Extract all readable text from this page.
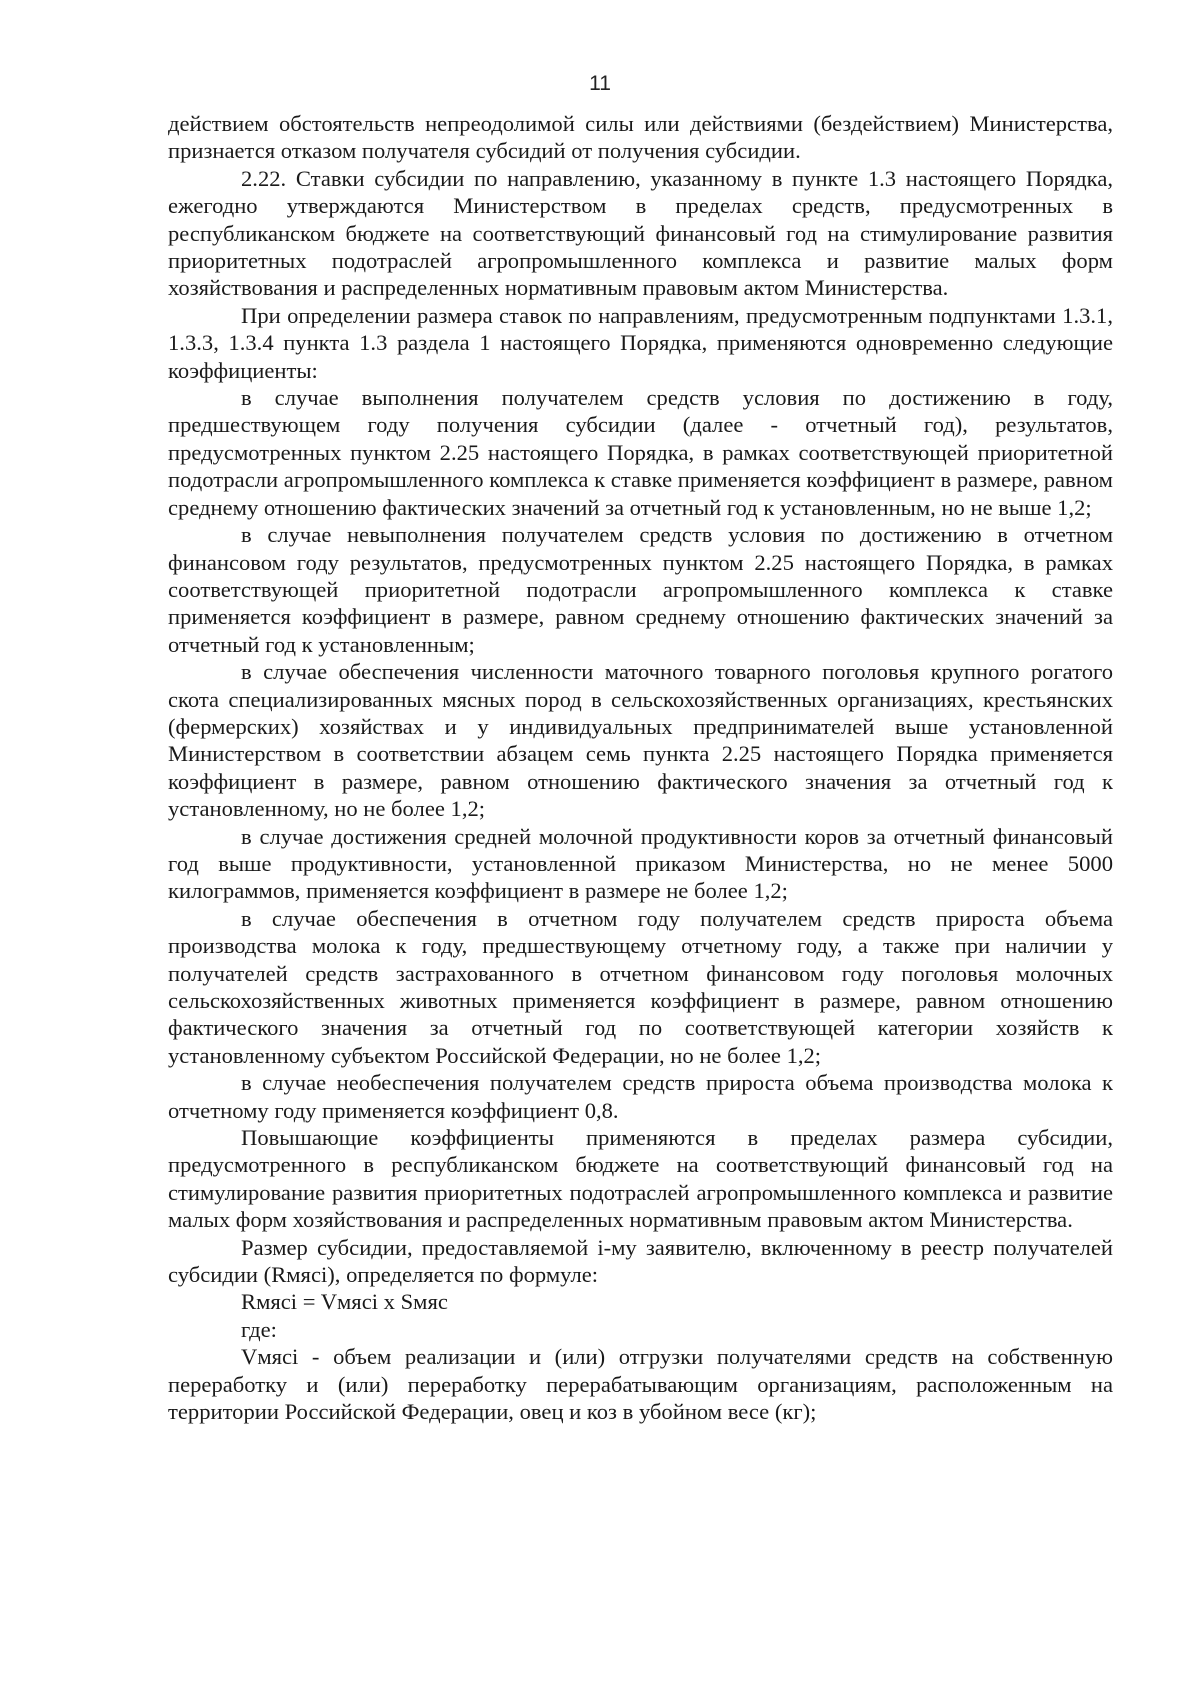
11

действием обстоятельств непреодолимой силы или действиями (бездействием) Министерства, признается отказом получателя субсидий от получения субсидии.

2.22. Ставки субсидии по направлению, указанному в пункте 1.3 настоящего Порядка, ежегодно утверждаются Министерством в пределах средств, предусмотренных в республиканском бюджете на соответствующий финансовый год на стимулирование развития приоритетных подотраслей агропромышленного комплекса и развитие малых форм хозяйствования и распределенных нормативным правовым актом Министерства.

При определении размера ставок по направлениям, предусмотренным подпунктами 1.3.1, 1.3.3, 1.3.4 пункта 1.3 раздела 1 настоящего Порядка, применяются одновременно следующие коэффициенты:

в случае выполнения получателем средств условия по достижению в году, предшествующем году получения субсидии (далее - отчетный год), результатов, предусмотренных пунктом 2.25 настоящего Порядка, в рамках соответствующей приоритетной подотрасли агропромышленного комплекса к ставке применяется коэффициент в размере, равном среднему отношению фактических значений за отчетный год к установленным, но не выше 1,2;

в случае невыполнения получателем средств условия по достижению в отчетном финансовом году результатов, предусмотренных пунктом 2.25 настоящего Порядка, в рамках соответствующей приоритетной подотрасли агропромышленного комплекса к ставке применяется коэффициент в размере, равном среднему отношению фактических значений за отчетный год к установленным;

в случае обеспечения численности маточного товарного поголовья крупного рогатого скота специализированных мясных пород в сельскохозяйственных организациях, крестьянских (фермерских) хозяйствах и у индивидуальных предпринимателей выше установленной Министерством в соответствии абзацем семь пункта 2.25 настоящего Порядка применяется коэффициент в размере, равном отношению фактического значения за отчетный год к установленному, но не более 1,2;

в случае достижения средней молочной продуктивности коров за отчетный финансовый год выше продуктивности, установленной приказом Министерства, но не менее 5000 килограммов, применяется коэффициент в размере не более 1,2;

в случае обеспечения в отчетном году получателем средств прироста объема производства молока к году, предшествующему отчетному году, а также при наличии у получателей средств застрахованного в отчетном финансовом году поголовья молочных сельскохозяйственных животных применяется коэффициент в размере, равном отношению фактического значения за отчетный год по соответствующей категории хозяйств к установленному субъектом Российской Федерации, но не более 1,2;

в случае необеспечения получателем средств прироста объема производства молока к отчетному году применяется коэффициент 0,8.

Повышающие коэффициенты применяются в пределах размера субсидии, предусмотренного в республиканском бюджете на соответствующий финансовый год на стимулирование развития приоритетных подотраслей агропромышленного комплекса и развитие малых форм хозяйствования и распределенных нормативным правовым актом Министерства.

Размер субсидии, предоставляемой i-му заявителю, включенному в реестр получателей субсидии (Rмясi), определяется по формуле:

Rмясi = Vмясi x Sмяс

где:

Vмясi - объем реализации и (или) отгрузки получателями средств на собственную переработку и (или) переработку перерабатывающим организациям, расположенным на территории Российской Федерации, овец и коз в убойном весе (кг);
